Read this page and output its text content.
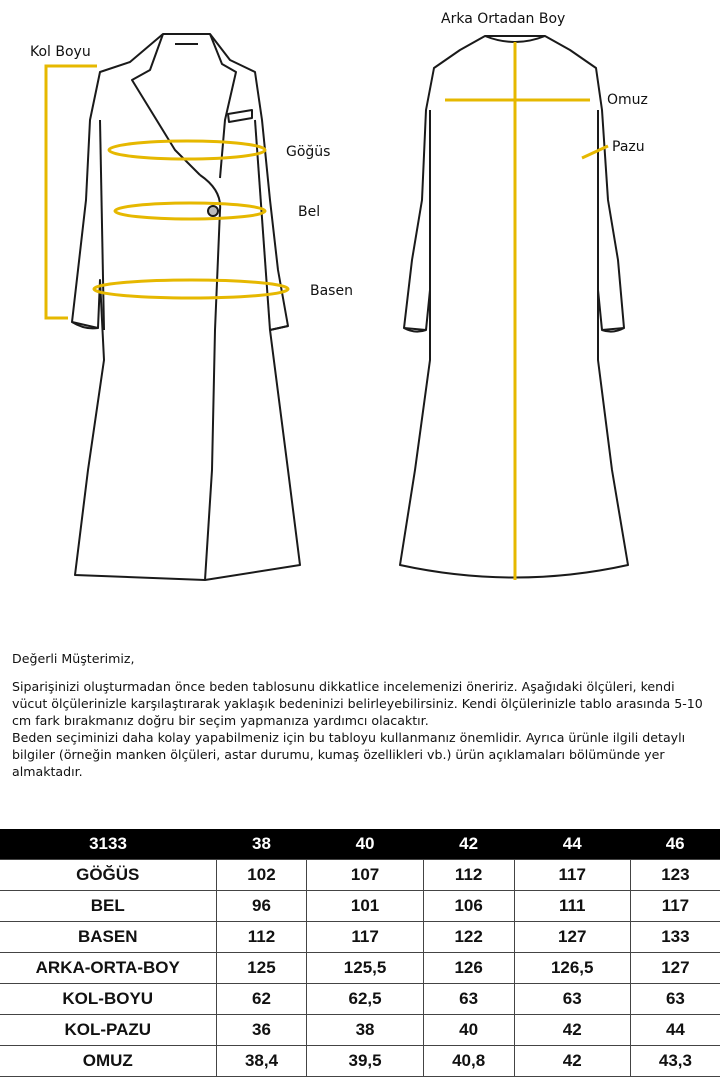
Kol Boyu
Göğüs
Bel
Basen
Arka Ortadan Boy
Omuz
Pazu

Değerli Müşterimiz,

Siparişinizi oluşturmadan önce beden tablosunu dikkatlice incelemenizi öneririz. Aşağıdaki ölçüleri, kendi vücut ölçülerinizle karşılaştırarak yaklaşık bedeninizi belirleyebilirsiniz. Kendi ölçülerinizle tablo arasında 5-10 cm fark bırakmanız doğru bir seçim yapmanıza yardımcı olacaktır.

Beden seçiminizi daha kolay yapabilmeniz için bu tabloyu kullanmanız önemlidir. Ayrıca ürünle ilgili detaylı bilgiler (örneğin manken ölçüleri, astar durumu, kumaş özellikleri vb.) ürün açıklamaları bölümünde yer almaktadır.

3133	38	40	42	44	46
GÖĞÜS	102	107	112	117	123
BEL	96	101	106	111	117
BASEN	112	117	122	127	133
ARKA-ORTA-BOY	125	125,5	126	126,5	127
KOL-BOYU	62	62,5	63	63	63
KOL-PAZU	36	38	40	42	44
OMUZ	38,4	39,5	40,8	42	43,3
